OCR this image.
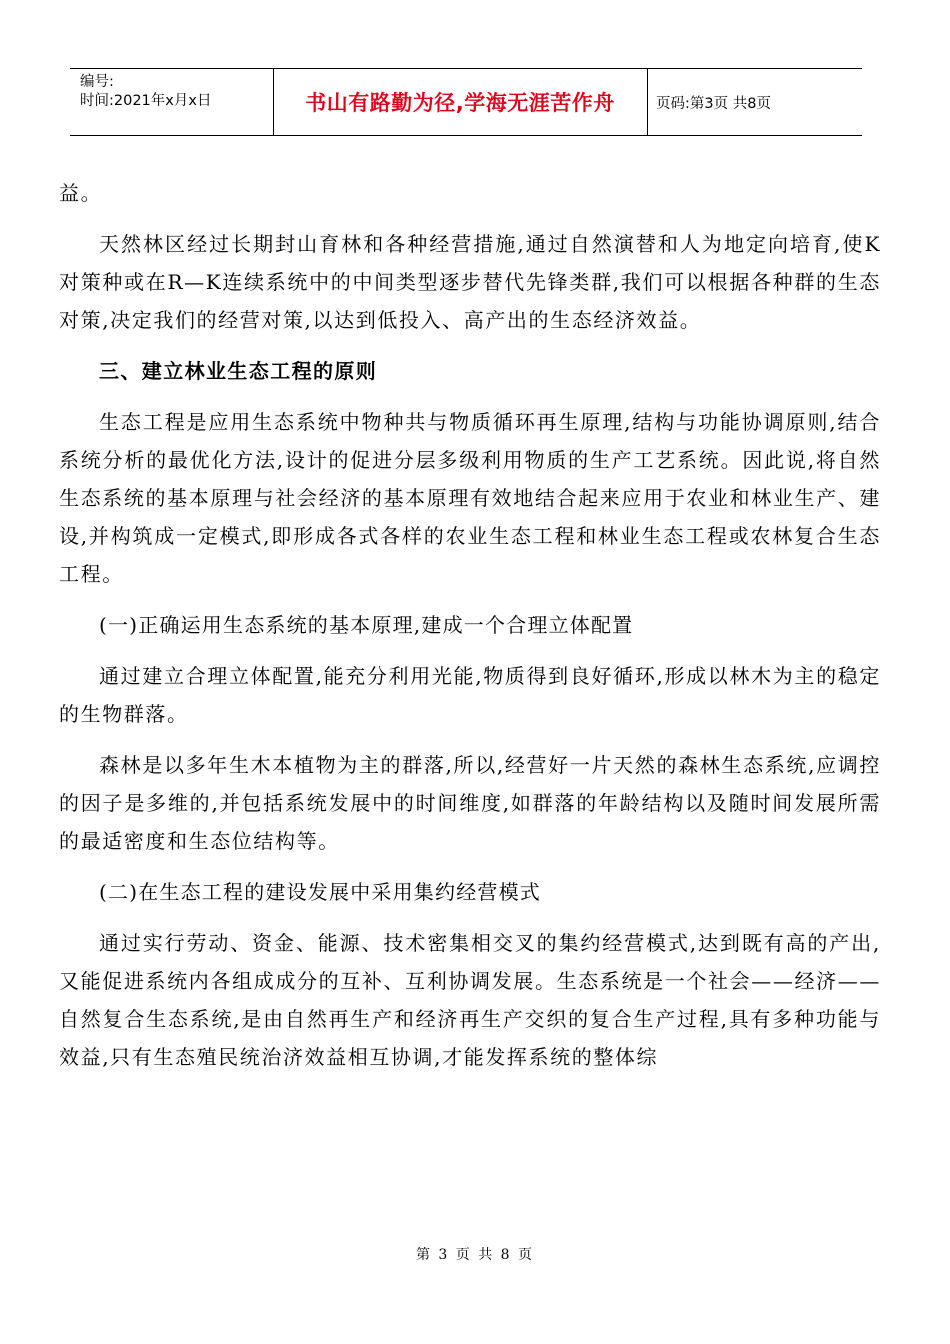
编号:
时间:2021年x月x日	书山有路勤为径,学海无涯苦作舟	页码:第3页 共8页

益。

天然林区经过长期封山育林和各种经营措施,通过自然演替和人为地定向培育,使K对策种或在R—K连续系统中的中间类型逐步替代先锋类群,我们可以根据各种群的生态对策,决定我们的经营对策,以达到低投入、高产出的生态经济效益。

三、建立林业生态工程的原则

生态工程是应用生态系统中物种共与物质循环再生原理,结构与功能协调原则,结合系统分析的最优化方法,设计的促进分层多级利用物质的生产工艺系统。因此说,将自然生态系统的基本原理与社会经济的基本原理有效地结合起来应用于农业和林业生产、建设,并构筑成一定模式,即形成各式各样的农业生态工程和林业生态工程或农林复合生态工程。

(一)正确运用生态系统的基本原理,建成一个合理立体配置

通过建立合理立体配置,能充分利用光能,物质得到良好循环,形成以林木为主的稳定的生物群落。

森林是以多年生木本植物为主的群落,所以,经营好一片天然的森林生态系统,应调控的因子是多维的,并包括系统发展中的时间维度,如群落的年龄结构以及随时间发展所需的最适密度和生态位结构等。

(二)在生态工程的建设发展中采用集约经营模式

通过实行劳动、资金、能源、技术密集相交叉的集约经营模式,达到既有高的产出,又能促进系统内各组成成分的互补、互利协调发展。生态系统是一个社会——经济——自然复合生态系统,是由自然再生产和经济再生产交织的复合生产过程,具有多种功能与效益,只有生态殖民统治济效益相互协调,才能发挥系统的整体综

第 3 页 共 8 页
